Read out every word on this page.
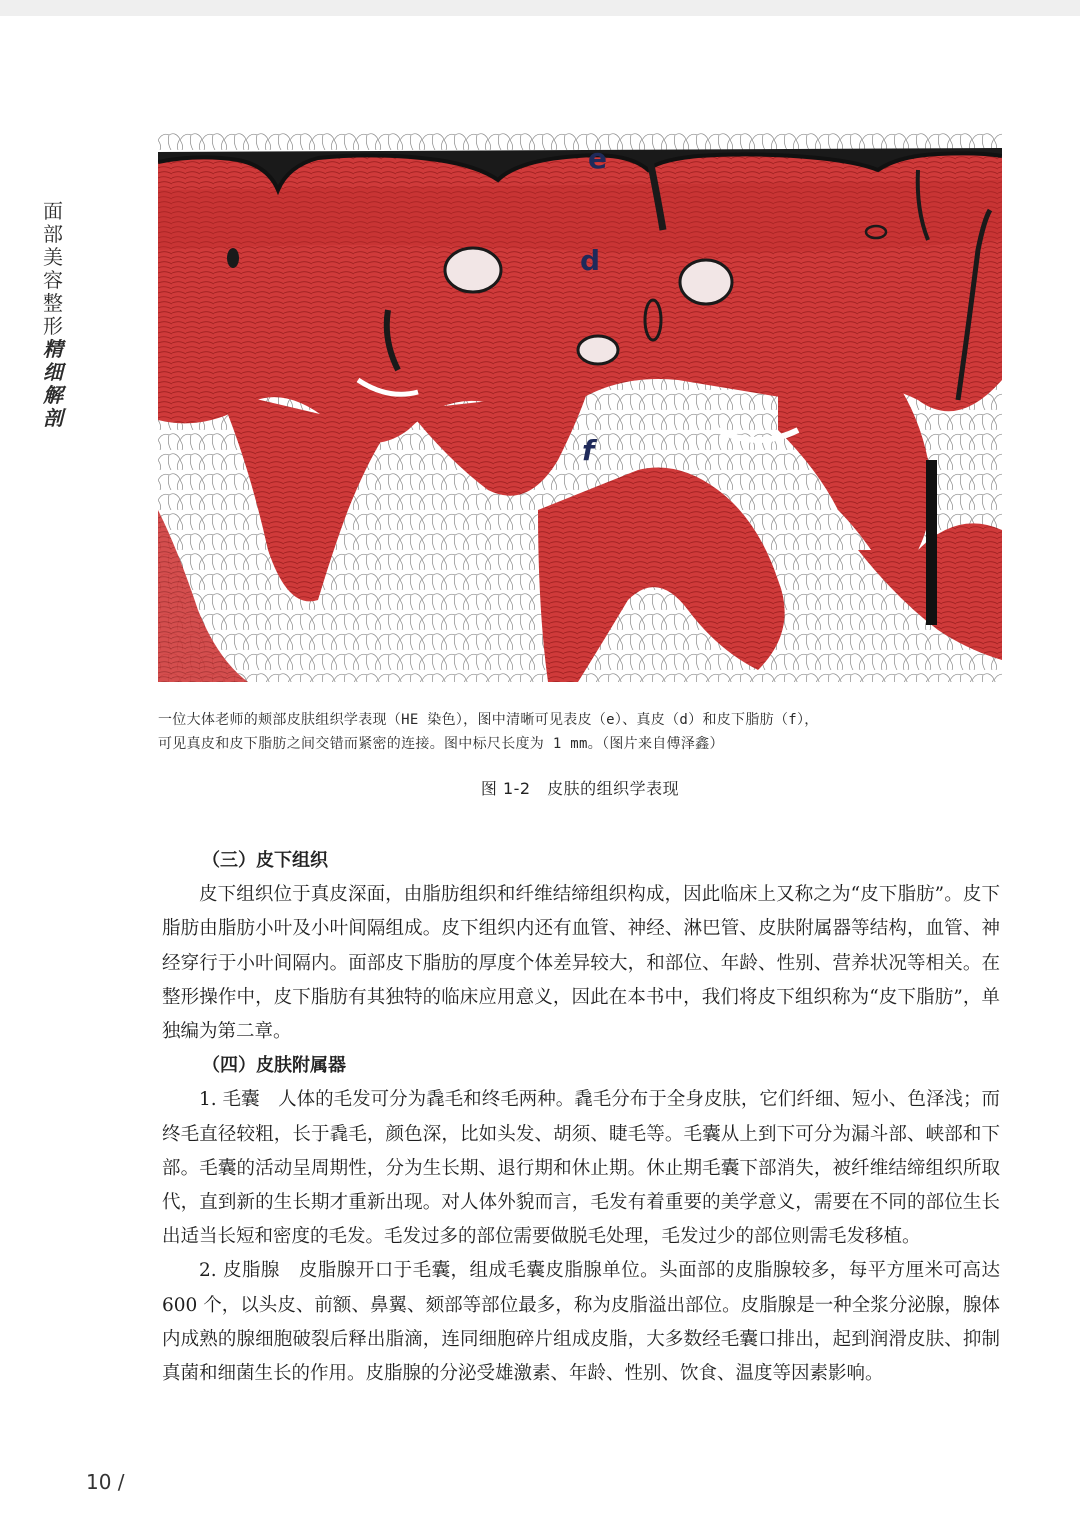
面
部
美
容
整
形
精
细
解
剖
e
d
f
一位大体老师的颊部皮肤组织学表现（HE 染色），图中清晰可见表皮（e）、真皮（d）和皮下脂肪（f），
可见真皮和皮下脂肪之间交错而紧密的连接。图中标尺长度为 1 mm。（图片来自傅泽鑫）
图 1-2　皮肤的组织学表现

（三）皮下组织

皮下组织位于真皮深面，由脂肪组织和纤维结缔组织构成，因此临床上又称之为“皮下脂肪”。皮下脂肪由脂肪小叶及小叶间隔组成。皮下组织内还有血管、神经、淋巴管、皮肤附属器等结构，血管、神经穿行于小叶间隔内。面部皮下脂肪的厚度个体差异较大，和部位、年龄、性别、营养状况等相关。在整形操作中，皮下脂肪有其独特的临床应用意义，因此在本书中，我们将皮下组织称为“皮下脂肪”，单独编为第二章。

（四）皮肤附属器

1. 毛囊　人体的毛发可分为毳毛和终毛两种。毳毛分布于全身皮肤，它们纤细、短小、色泽浅；而终毛直径较粗，长于毳毛，颜色深，比如头发、胡须、睫毛等。毛囊从上到下可分为漏斗部、峡部和下部。毛囊的活动呈周期性，分为生长期、退行期和休止期。休止期毛囊下部消失，被纤维结缔组织所取代，直到新的生长期才重新出现。对人体外貌而言，毛发有着重要的美学意义，需要在不同的部位生长出适当长短和密度的毛发。毛发过多的部位需要做脱毛处理，毛发过少的部位则需毛发移植。

2. 皮脂腺　皮脂腺开口于毛囊，组成毛囊皮脂腺单位。头面部的皮脂腺较多，每平方厘米可高达 600 个，以头皮、前额、鼻翼、颏部等部位最多，称为皮脂溢出部位。皮脂腺是一种全浆分泌腺，腺体内成熟的腺细胞破裂后释出脂滴，连同细胞碎片组成皮脂，大多数经毛囊口排出，起到润滑皮肤、抑制真菌和细菌生长的作用。皮脂腺的分泌受雄激素、年龄、性别、饮食、温度等因素影响。

10 /
